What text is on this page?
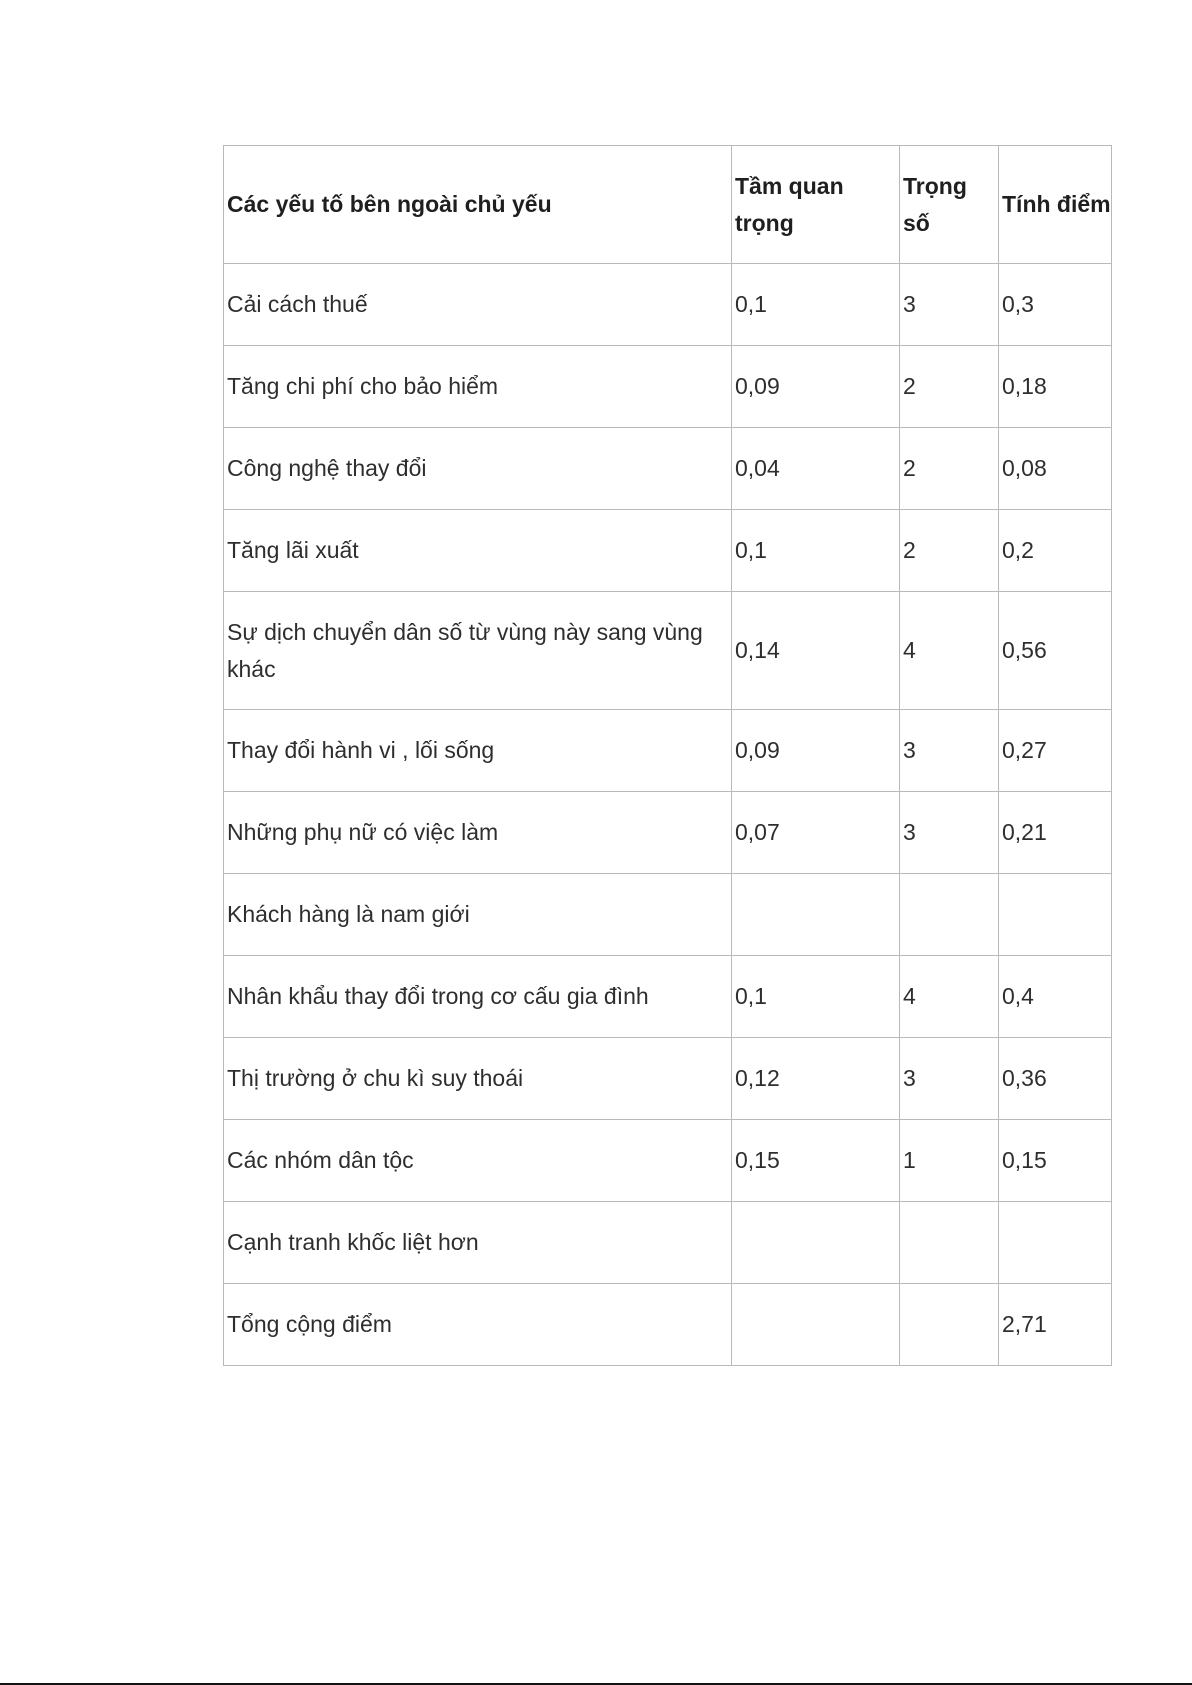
Các yếu tố bên ngoài chủ yếu	Tầm quan trọng	Trọng số	Tính điểm
Cải cách thuế	0,1	3	0,3
Tăng chi phí cho bảo hiểm	0,09	2	0,18
Công nghệ thay đổi	0,04	2	0,08
Tăng lãi xuất	0,1	2	0,2
Sự dịch chuyển dân số từ vùng này sang vùng khác	0,14	4	0,56
Thay đổi hành vi , lối sống	0,09	3	0,27
Những phụ nữ có việc làm	0,07	3	0,21
Khách hàng là nam giới			
Nhân khẩu thay đổi trong cơ cấu gia đình	0,1	4	0,4
Thị trường ở chu kì suy thoái	0,12	3	0,36
Các nhóm dân tộc	0,15	1	0,15
Cạnh tranh khốc liệt hơn			
Tổng cộng điểm			2,71
